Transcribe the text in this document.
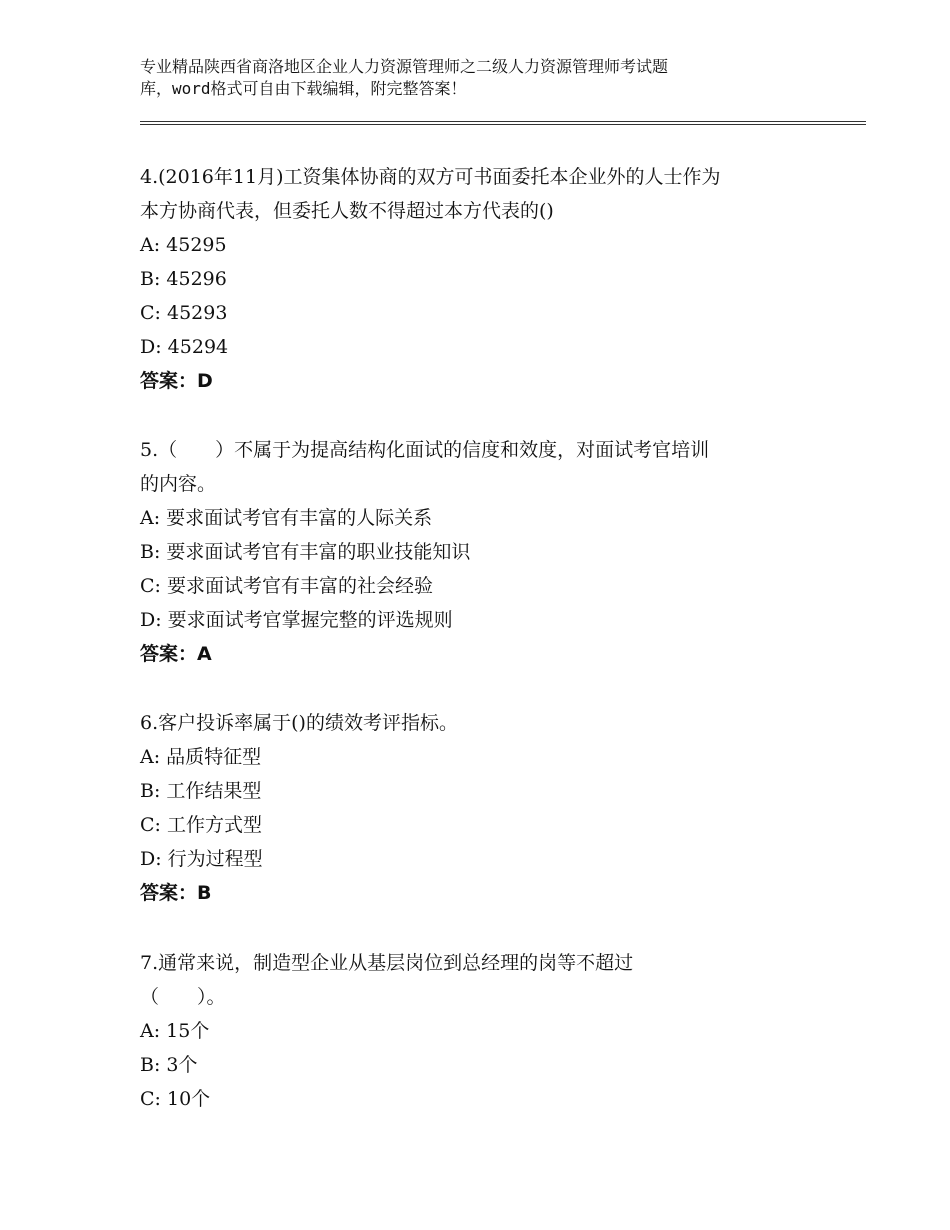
专业精品陕西省商洛地区企业人力资源管理师之二级人力资源管理师考试题
库，word格式可自由下载编辑，附完整答案！
4.(2016年11月)工资集体协商的双方可书面委托本企业外的人士作为
本方协商代表，但委托人数不得超过本方代表的()
A: 45295
B: 45296
C: 45293
D: 45294
答案：D
5.（　　）不属于为提高结构化面试的信度和效度，对面试考官培训
的内容。
A: 要求面试考官有丰富的人际关系
B: 要求面试考官有丰富的职业技能知识
C: 要求面试考官有丰富的社会经验
D: 要求面试考官掌握完整的评选规则
答案：A
6.客户投诉率属于()的绩效考评指标。
A: 品质特征型
B: 工作结果型
C: 工作方式型
D: 行为过程型
答案：B
7.通常来说，制造型企业从基层岗位到总经理的岗等不超过
（　　）。
A: 15个
B: 3个
C: 10个
